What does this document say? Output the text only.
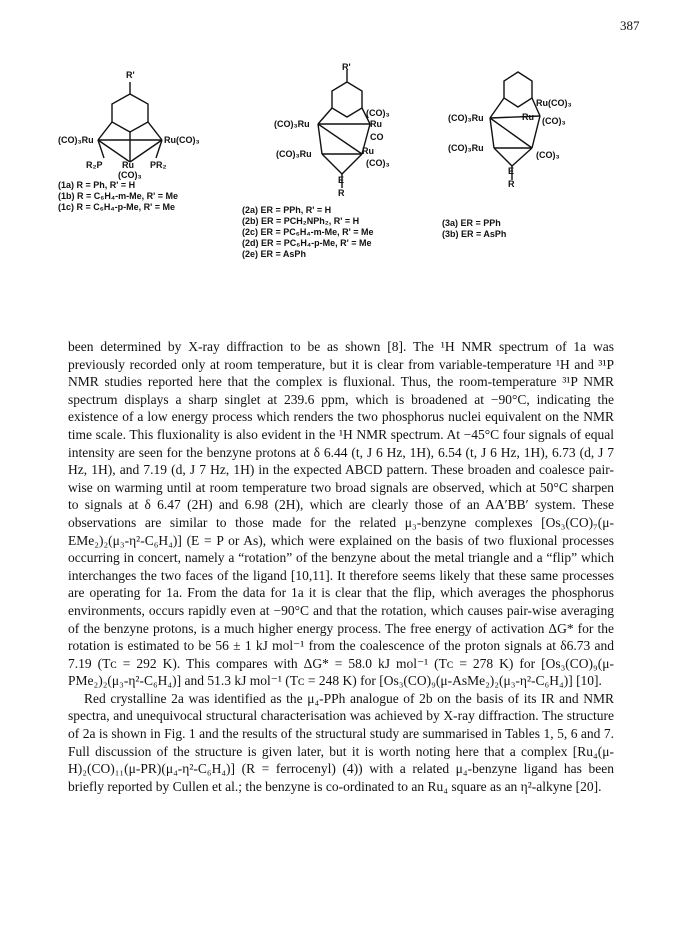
387
R'
(CO)₃Ru	Ru(CO)₃
R₂P Ru PR₂
(CO)₃
R'
(CO)₃
(CO)₃Ru	Ru
CO
(CO)₃Ru	Ru
(CO)₃
E
R
Ru(CO)₃
(CO)₃Ru	Ru (CO)₃
(CO)₃Ru
(CO)₃
E
R
(1a) R = Ph, R' = H
(1b) R = C₆H₄-m-Me, R' = Me
(1c) R = C₆H₄-p-Me, R' = Me	(2a) ER = PPh, R' = H
(2b) ER = PCH₂NPh₂, R' = H
(2c) ER = PC₆H₄-m-Me, R' = Me
(2d) ER = PC₆H₄-p-Me, R' = Me
(2e) ER = AsPh
(3a) ER = PPh
(3b) ER = AsPh

been determined by X-ray diffraction to be as shown [8]. The ¹H NMR spectrum of 1a was previously recorded only at room temperature, but it is clear from variable-temperature ¹H and ³¹P NMR studies reported here that the complex is fluxional. Thus, the room-temperature ³¹P NMR spectrum displays a sharp singlet at 239.6 ppm, which is broadened at −90°C, indicating the existence of a low energy process which renders the two phosphorus nuclei equivalent on the NMR time scale. This fluxionality is also evident in the ¹H NMR spectrum. At −45°C four signals of equal intensity are seen for the benzyne protons at δ 6.44 (t, J 6 Hz, 1H), 6.54 (t, J 6 Hz, 1H), 6.73 (d, J 7 Hz, 1H), and 7.19 (d, J 7 Hz, 1H) in the expected ABCD pattern. These broaden and coalesce pair-wise on warming until at room temperature two broad signals are observed, which at 50°C sharpen to signals at δ 6.47 (2H) and 6.98 (2H), which are clearly those of an AA′BB′ system. These observations are similar to those made for the related μ₃-benzyne complexes [Os₃(CO)₇(μ-EMe₂)₂(μ₃-η²-C₆H₄)] (E = P or As), which were explained on the basis of two fluxional processes occurring in concert, namely a “rotation” of the benzyne about the metal triangle and a “flip” which interchanges the two faces of the ligand [10,11]. It therefore seems likely that these same processes are operating for 1a. From the data for 1a it is clear that the flip, which averages the phosphorus environments, occurs rapidly even at −90°C and that the rotation, which causes pair-wise averaging of the benzyne protons, is a much higher energy process. The free energy of activation ΔG* for the rotation is estimated to be 56 ± 1 kJ mol⁻¹ from the coalescence of the proton signals at δ6.73 and 7.19 (Tᴄ = 292 K). This compares with ΔG* = 58.0 kJ mol⁻¹ (Tᴄ = 278 K) for [Os₃(CO)₉(μ-PMe₂)₂(μ₃-η²-C₆H₄)] and 51.3 kJ mol⁻¹ (Tᴄ = 248 K) for [Os₃(CO)₉(μ-AsMe₂)₂(μ₃-η²-C₆H₄)] [10].

Red crystalline 2a was identified as the μ₄-PPh analogue of 2b on the basis of its IR and NMR spectra, and unequivocal structural characterisation was achieved by X-ray diffraction. The structure of 2a is shown in Fig. 1 and the results of the structural study are summarised in Tables 1, 5, 6 and 7. Full discussion of the structure is given later, but it is worth noting here that a complex [Ru₄(μ-H)₂(CO)₁₁(μ-PR)(μ₄-η²-C₆H₄)] (R = ferrocenyl) (4)) with a related μ₄-benzyne ligand has been briefly reported by Cullen et al.; the benzyne is co-ordinated to an Ru₄ square as an η²-alkyne [20].
